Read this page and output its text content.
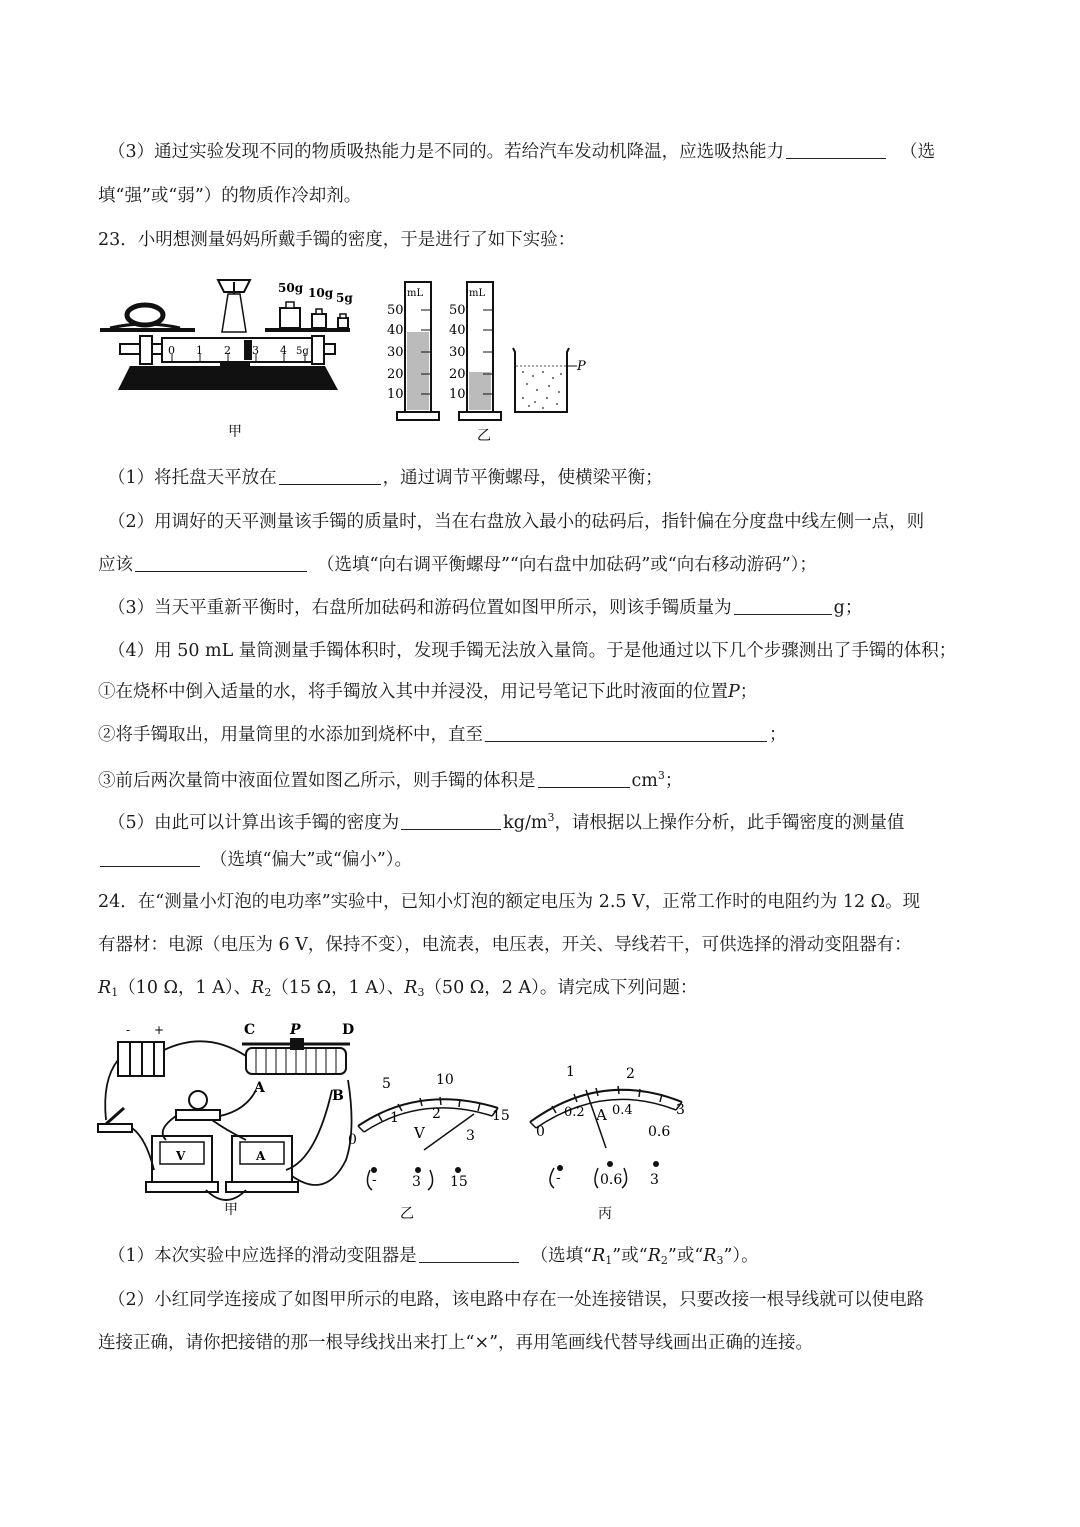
（3）通过实验发现不同的物质吸热能力是不同的。若给汽车发动机降温，应选吸热能力	（选
填“强”或“弱”）的物质作冷却剂。
23．小明想测量妈妈所戴手镯的密度，于是进行了如下实验：
50g 10g 5g
0 1 2 3 4 5g
甲
mL
50
40
30
20
10
mL
50
40
30
20
10
P
乙
（1）将托盘天平放在	，通过调节平衡螺母，使横梁平衡；
（2）用调好的天平测量该手镯的质量时，当在右盘放入最小的砝码后，指针偏在分度盘中线左侧一点，则
应该	（选填“向右调平衡螺母”“向右盘中加砝码”或“向右移动游码”）；
（3）当天平重新平衡时，右盘所加砝码和游码位置如图甲所示，则该手镯质量为	g；
（4）用 50 mL 量筒测量手镯体积时，发现手镯无法放入量筒。于是他通过以下几个步骤测出了手镯的体积；
①在烧杯中倒入适量的水，将手镯放入其中并浸没，用记号笔记下此时液面的位置P；
②将手镯取出，用量筒里的水添加到烧杯中，直至	；
③前后两次量筒中液面位置如图乙所示，则手镯的体积是	$cm^3$；
（5）由此可以计算出该手镯的密度为	$kg/m^3$，请根据以上操作分析，此手镯密度的测量值
（选填“偏大”或“偏小”）。
24．在“测量小灯泡的电功率”实验中，已知小灯泡的额定电压为 2.5 V，正常工作时的电阻约为 12 Ω。现
有器材：电源（电压为 6 V，保持不变），电流表，电压表，开关、导线若干，可供选择的滑动变阻器有：
$R_1(10$ Ω，1 A）、$R_2(15$ Ω，1 A）、$R_3(50$ Ω，2 A）。请完成下列问题：
- +	C P	D
A	B
V	A
甲
5	10
15
0
1 2
3
V
-	3 15
乙
1	2
3
0
0.2 0.4
0.6
A
-	0.6 3
丙
（1）本次实验中应选择的滑动变阻器是	（选填“$R_1$”或“$R_2$”或“$R_3$”）。
（2）小红同学连接成了如图甲所示的电路，该电路中存在一处连接错误，只要改接一根导线就可以使电路
连接正确，请你把接错的那一根导线找出来打上“×”，再用笔画线代替导线画出正确的连接。
